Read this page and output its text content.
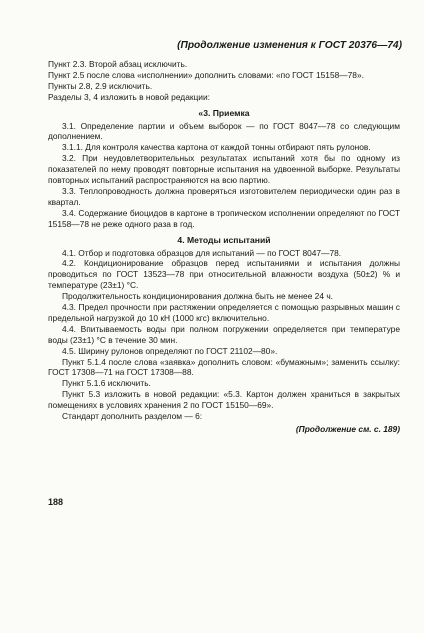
(Продолжение изменения к ГОСТ 20376—74)

Пункт 2.3. Второй абзац исключить.

Пункт 2.5 после слова «исполнении» дополнить словами: «по ГОСТ 15158—78».

Пункты 2.8, 2.9 исключить.

Разделы 3, 4 изложить в новой редакции:

«3. Приемка

3.1. Определение партии и объем выборок — по ГОСТ 8047—78 со следующим дополнением.

3.1.1. Для контроля качества картона от каждой тонны отбирают пять рулонов.

3.2. При неудовлетворительных результатах испытаний хотя бы по одному из показателей по нему проводят повторные испытания на удвоенной выборке. Результаты повторных испытаний распространяются на всю партию.

3.3. Теплопроводность должна проверяться изготовителем периодически один раз в квартал.

3.4. Содержание биоцидов в картоне в тропическом исполнении определяют по ГОСТ 15158—78 не реже одного раза в год.

4. Методы испытаний

4.1. Отбор и подготовка образцов для испытаний — по ГОСТ 8047—78.

4.2. Кондиционирование образцов перед испытаниями и испытания должны проводиться по ГОСТ 13523—78 при относительной влажности воздуха (50±2) % и температуре (23±1) °С.

Продолжительность кондиционирования должна быть не менее 24 ч.

4.3. Предел прочности при растяжении определяется с помощью разрывных машин с предельной нагрузкой до 10 кН (1000 кгс) включительно.

4.4. Впитываемость воды при полном погружении определяется при температуре воды (23±1) °С в течение 30 мин.

4.5. Ширину рулонов определяют по ГОСТ 21102—80».

Пункт 5.1.4 после слова «заявка» дополнить словом: «бумажным»; заменить ссылку: ГОСТ 17308—71 на ГОСТ 17308—88.

Пункт 5.1.6 исключить.

Пункт 5.3 изложить в новой редакции: «5.3. Картон должен храниться в закрытых помещениях в условиях хранения 2 по ГОСТ 15150—69».

Стандарт дополнить разделом — 6:

(Продолжение см. с. 189)
188
